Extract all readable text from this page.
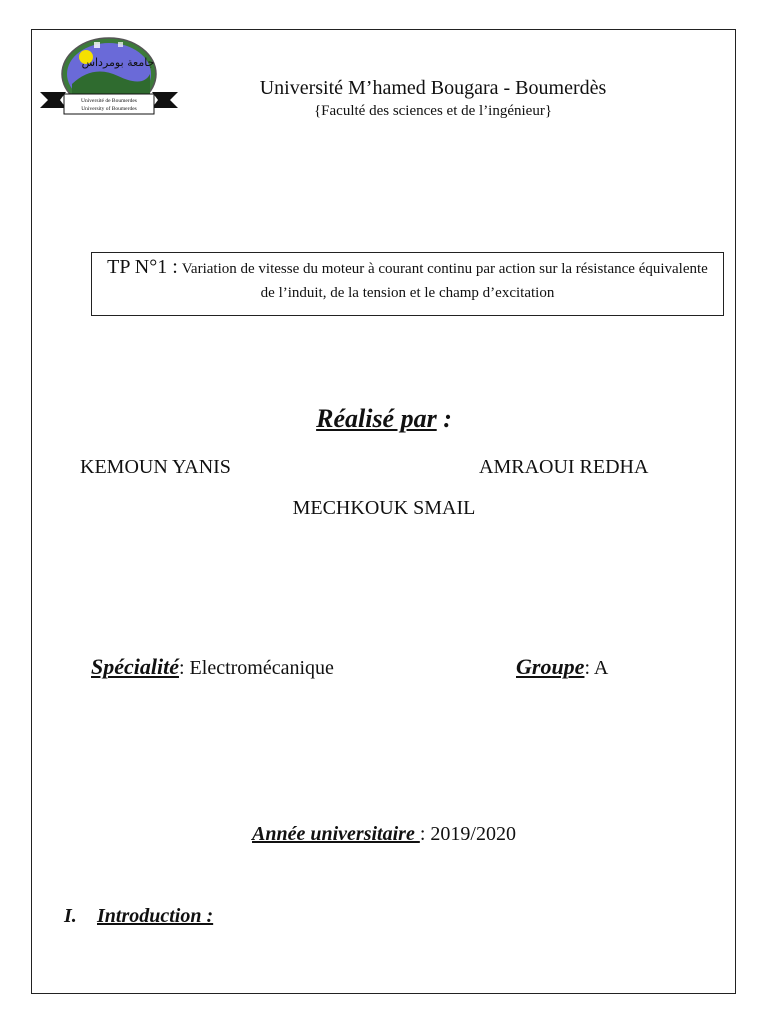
جامعة بومرداس
Université de Boumerdes
University of Boumerdes
Université M’hamed Bougara - Boumerdès
{Faculté des sciences et de l’ingénieur}
TP N°1 : Variation de vitesse du moteur à courant continu par action sur la résistance équivalente de l’induit, de la tension et le champ d’excitation
Réalisé par :
KEMOUN YANIS	AMRAOUI REDHA
MECHKOUK SMAIL
Spécialité: Electromécanique	Groupe: A
Année universitaire : 2019/2020
I. Introduction :
